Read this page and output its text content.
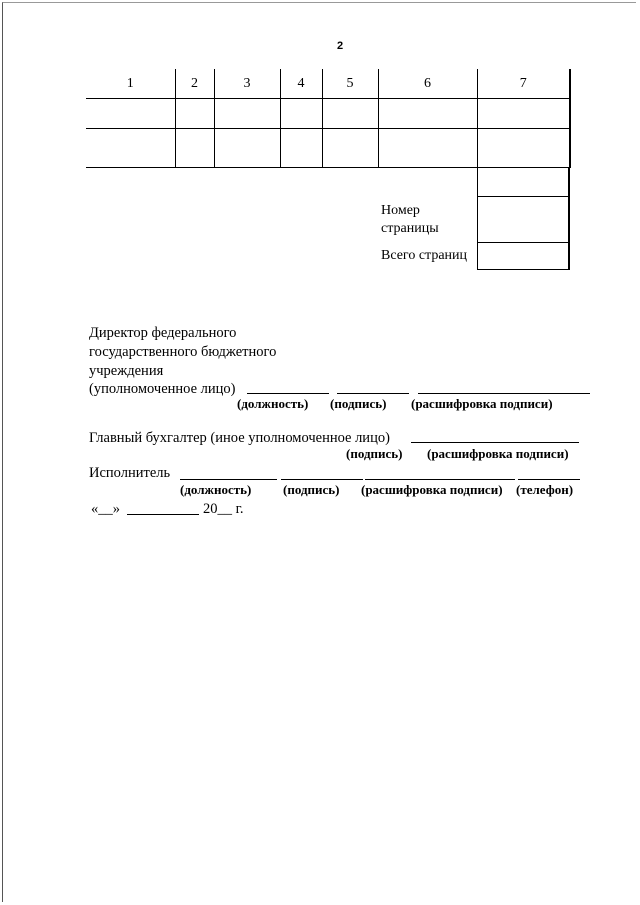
2
1	2	3	4	5	6	7

Номер
страницы
Всего страниц
Директор федерального
государственного бюджетного
учреждения
(уполномоченное лицо)
(должность) (подпись) (расшифровка подписи)
Главный бухгалтер (иное уполномоченное лицо)
(подпись) (расшифровка подписи)
Исполнитель
(должность) (подпись) (расшифровка подписи) (телефон)
«__»	20__ г.
